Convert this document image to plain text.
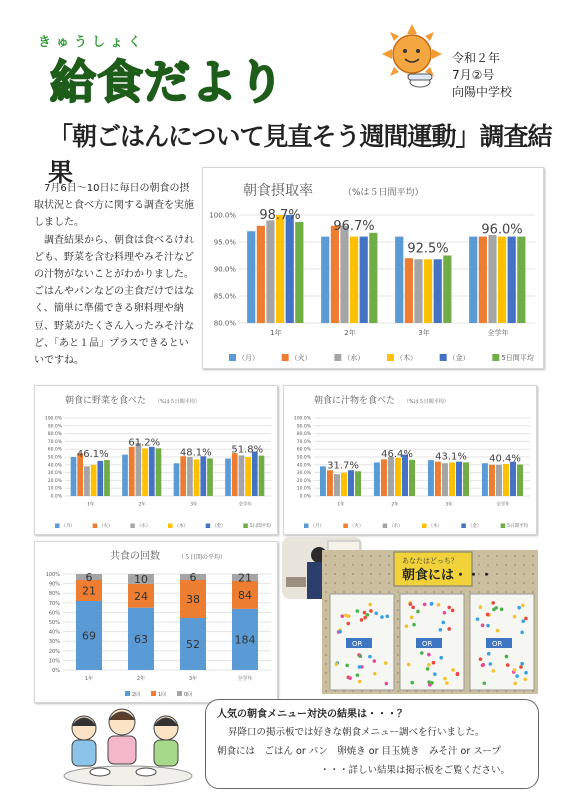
きゅうしょく
給食だより	令和２年
7月②号
向陽中学校
「朝ごはんについて見直そう週間運動」調査結果

7月6日～10日に毎日の朝食の摂取状況と食べ方に関する調査を実施しました。

調査結果から、朝食は食べるけれども、野菜を含む料理やみそ汁などの汁物がないことがわかりました。ごはんやパンなどの主食だけではなく、簡単に準備できる卵料理や納豆、野菜がたくさん入ったみそ汁など、「あと１品」プラスできるといいですね。

朝食摂取率	（%は５日間平均）
80.0%
85.0%
90.0%
95.0%
100.0%
1年
98.7%
2年
96.7%
3年
92.5%
全学年
96.0%
（月）	（火）	（水）	（木）	（金）	5日間平均
朝食に野菜を食べた （%は５日間平均）
0.0%
10.0%
20.0%
30.0%
40.0%
50.0%
60.0%
70.0%
80.0%
90.0%
100.0%
1年
46.1%
2年
61.2%
3年
48.1%
全学年
51.8%
（月）	（火）	（水）	（木）	（金）	5日間平均
朝食に汁物を食べた （%は５日間平均）
0.0%
10.0%
20.0%
30.0%
40.0%
50.0%
60.0%
70.0%
80.0%
90.0%
100.0%
1年
31.7%
2年
46.4%
3年
43.1%
全学年
40.4%
（月）	（火）	（水）	（木）	（金）	5日間平均
共食の回数	（５日間の平均）
0%
10%
20%
30%
40%
50%
60%
70%
80%
90%
100%
69
21
6
1年
63
24
10
2年
52
38
6
3年
184
84
21
全学年
2回	1回	0回
あなたはどっち？
朝食には・・・
OR	OR	OR
人気の朝食メニュー対決の結果は・・・？
昇降口の掲示板では好きな朝食メニュー調べを行いました。
朝食には　ごはん or パン　卵焼き or 目玉焼き　みそ汁 or スープ
・・・詳しい結果は掲示板をご覧ください。
